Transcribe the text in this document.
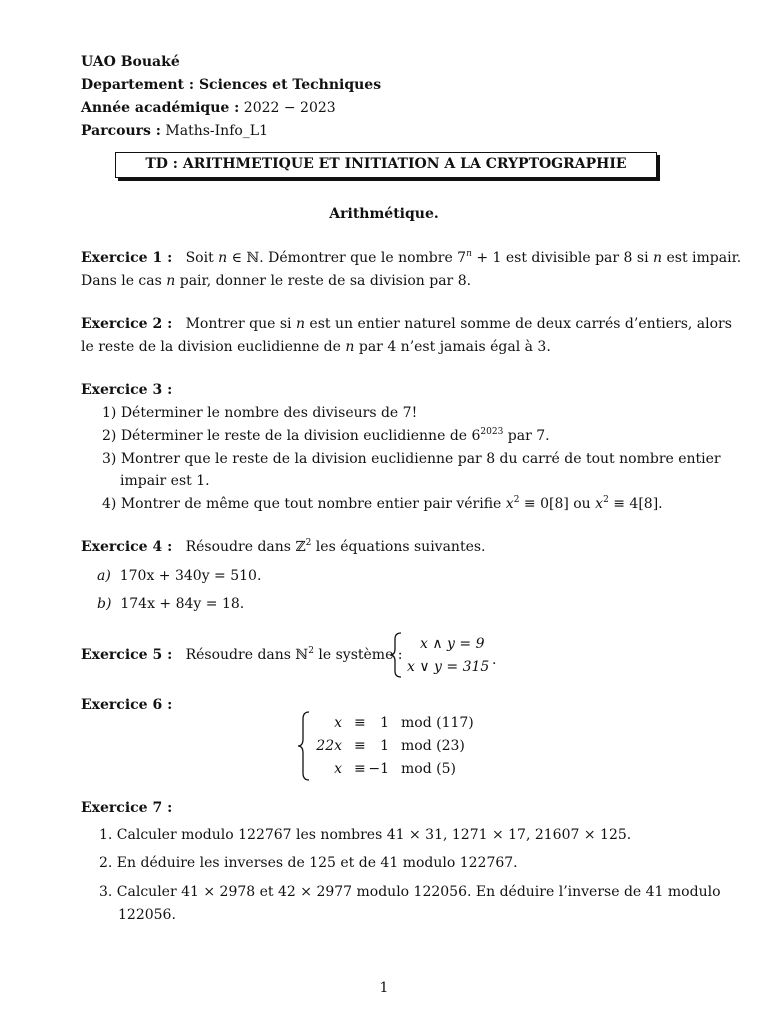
UAO Bouaké
Departement : Sciences et Techniques
Année académique : 2022 − 2023
Parcours : Maths-Info_L1
TD : ARITHMETIQUE ET INITIATION A LA CRYPTOGRAPHIE
Arithmétique.
Exercice 1 : Soit n ∈ ℕ. Démontrer que le nombre $7^n + 1$ est divisible par 8 si n est impair.
Dans le cas n pair, donner le reste de sa division par 8.
Exercice 2 : Montrer que si n est un entier naturel somme de deux carrés d’entiers, alors
le reste de la division euclidienne de n par 4 n’est jamais égal à 3.
Exercice 3 :
1) Déterminer le nombre des diviseurs de 7!
2) Déterminer le reste de la division euclidienne de $6^{2023}$ par 7.
3) Montrer que le reste de la division euclidienne par 8 du carré de tout nombre entier
impair est 1.
4) Montrer de même que tout nombre entier pair vérifie $x^2 \equiv 0[8]$ ou $x^2 \equiv 4[8]$.
Exercice 4 : Résoudre dans ℤ$^2$ les équations suivantes.
a) 170x + 340y = 510.
b) 174x + 84y = 18.
Exercice 5 : Résoudre dans ℕ$^2$ le système :
x ∧ y = 9
x ∨ y = 315 .
Exercice 6 :
x ≡	1 mod (117)
22x ≡	1 mod (23)
x ≡ −1 mod (5)
Exercice 7 :
1. Calculer modulo 122767 les nombres 41 × 31, 1271 × 17, 21607 × 125.
2. En déduire les inverses de 125 et de 41 modulo 122767.
3. Calculer 41 × 2978 et 42 × 2977 modulo 122056. En déduire l’inverse de 41 modulo
122056.
1
